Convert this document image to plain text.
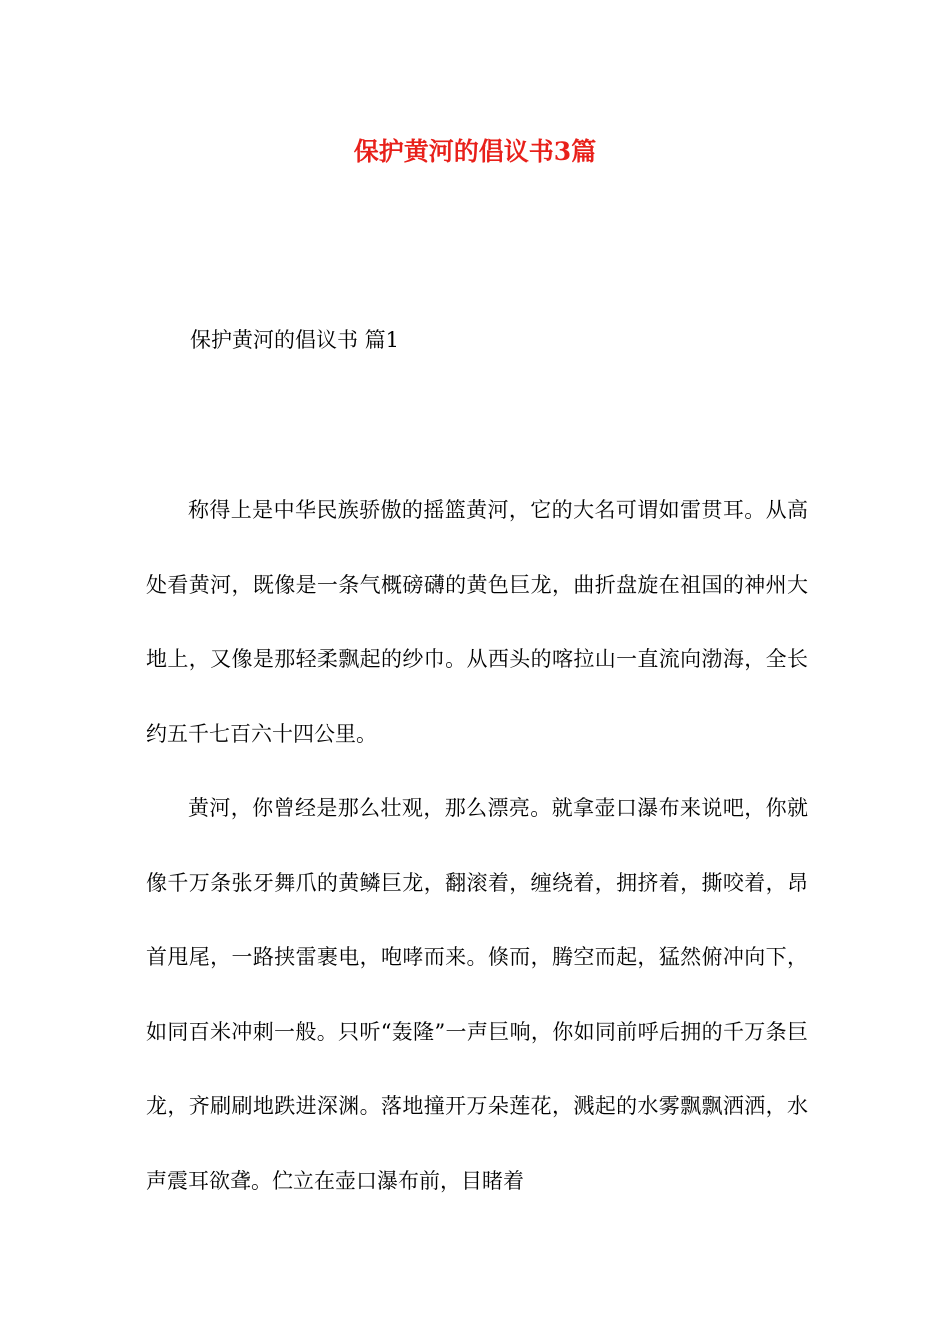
保护黄河的倡议书3篇
保护黄河的倡议书 篇1

称得上是中华民族骄傲的摇篮黄河，它的大名可谓如雷贯耳。从高处看黄河，既像是一条气概磅礴的黄色巨龙，曲折盘旋在祖国的神州大地上，又像是那轻柔飘起的纱巾。从西头的喀拉山一直流向渤海，全长约五千七百六十四公里。

黄河，你曾经是那么壮观，那么漂亮。就拿壶口瀑布来说吧，你就像千万条张牙舞爪的黄鳞巨龙，翻滚着，缠绕着，拥挤着，撕咬着，昂首甩尾，一路挟雷裹电，咆哮而来。倏而，腾空而起，猛然俯冲向下，如同百米冲刺一般。只听“轰隆”一声巨响，你如同前呼后拥的千万条巨龙，齐刷刷地跌进深渊。落地撞开万朵莲花，溅起的水雾飘飘洒洒，水声震耳欲聋。伫立在壶口瀑布前，目睹着
